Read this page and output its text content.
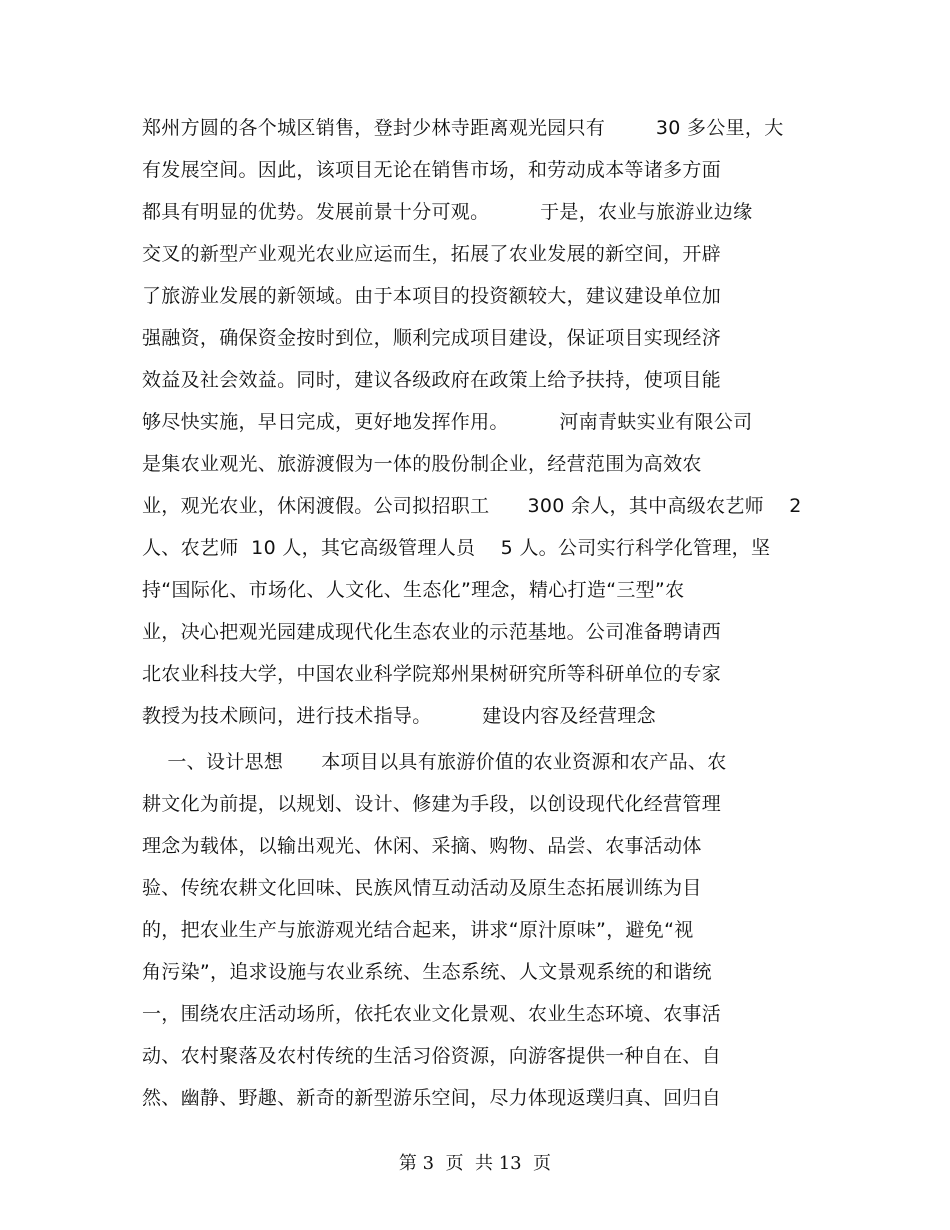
郑州方圆的各个城区销售，登封少林寺距离观光园只有        30 多公里，大
有发展空间。因此，该项目无论在销售市场，和劳动成本等诸多方面
都具有明显的优势。发展前景十分可观。        于是，农业与旅游业边缘
交叉的新型产业观光农业应运而生，拓展了农业发展的新空间，开辟
了旅游业发展的新领域。由于本项目的投资额较大，建议建设单位加
强融资，确保资金按时到位，顺利完成项目建设，保证项目实现经济
效益及社会效益。同时，建议各级政府在政策上给予扶持，使项目能
够尽快实施，早日完成，更好地发挥作用。        河南青蚨实业有限公司
是集农业观光、旅游渡假为一体的股份制企业，经营范围为高效农
业，观光农业，休闲渡假。公司拟招职工      300 余人，其中高级农艺师    2
人、农艺师  10 人，其它高级管理人员    5 人。公司实行科学化管理，坚
持“国际化、市场化、人文化、生态化”理念，精心打造“三型”农
业，决心把观光园建成现代化生态农业的示范基地。公司准备聘请西
北农业科技大学，中国农业科学院郑州果树研究所等科研单位的专家
教授为技术顾问，进行技术指导。        建设内容及经营理念
一、设计思想      本项目以具有旅游价值的农业资源和农产品、农
耕文化为前提，以规划、设计、修建为手段，以创设现代化经营管理
理念为载体，以输出观光、休闲、采摘、购物、品尝、农事活动体
验、传统农耕文化回味、民族风情互动活动及原生态拓展训练为目
的，把农业生产与旅游观光结合起来，讲求“原汁原味”，避免“视
角污染”，追求设施与农业系统、生态系统、人文景观系统的和谐统
一，围绕农庄活动场所，依托农业文化景观、农业生态环境、农事活
动、农村聚落及农村传统的生活习俗资源，向游客提供一种自在、自
然、幽静、野趣、新奇的新型游乐空间，尽力体现返璞归真、回归自
第 3  页  共 13  页
